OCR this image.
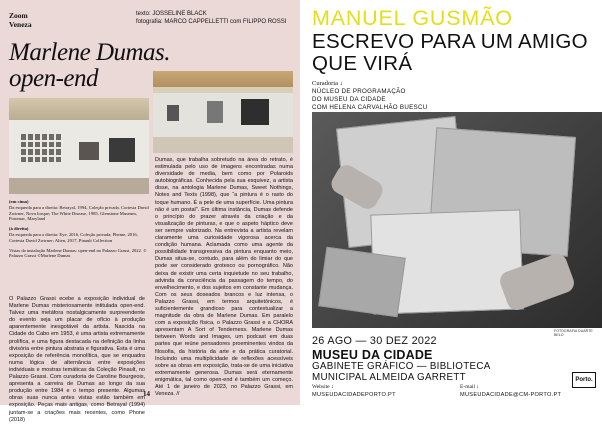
Zoom
Veneza
texto: JOSSELINE BLACK
fotografia: MARCO CAPPELLETTI com FILIPPO ROSSI
Marlene Dumas.
open-end

(em cima)
Da esquerda para a direita: Betrayal, 1994, Coleção privada. Cortesia David Zwirner, Nova Iorque; The White Disease, 1985, Glenstone Museum, Potomac, Maryland

(à direita)
Da esquerda para a direita: Eye, 2016, Coleção privada; Pheme, 2016, Cortesia David Zwirner; Alien, 2017, Pinault Collection

Vistas da instalação Marlene Dumas: open-end no Palazzo Grassi, 2022. © Palazzo Grassi ©Marlene Dumas

O Palazzo Grassi ecebe a exposição individual de Marlene Dumas misteriosamente intitulada open-end. Talvez uma metáfora nostalgicamente surpreendente do evento seja um placar de ofício à produção aparentemente inesgotável da artista. Nascida na Cidade do Cabo em 1953, é uma artista extremamente prolífica, e uma figura destacada na definição da linha divisória entre pintura abstrata e figurativa. Esta é uma exposição de referência monolítica, que se enquadra numa lógica de alternância entre exposições individuais e mostras temáticas da Coleção Pinault, no Palazzo Grassi. Com curadoria de Caroline Bourgeois, apresenta a carreira de Dumas ao longo da sua produção entre 1984 e o tempo presente. Algumas obras suas nunca antes vistas estão também em exposição. Peças mais antigas, como Betrayal (1994) juntam-se a criações mais recentes, como Phone (2018)
Dumas, que trabalha sobretudo na área do retrato, é estimulada pelo uso de imagens encontradas numa diversidade de media, bem como por Polaroids autobiográficas. Conhecida pela sua esquivez, a artista disse, na antologia Marlene Dumas, Sweet Nothings, Notes and Texts (1998), que “a pintura é o rasto do toque humano. É a pele de uma superfície. Uma pintura não é um postal”. Em última instância, Dumas defende o princípio do prazer através da criação e da visualização de pinturas, e que o aspeto háptico deve ser sempre valorizado. Na entrevista a artista revelam claramente uma curiosidade vigorosa acerca da condição humana. Aclamada como uma agente da possibilidade transgressiva da pintura enquanto meio, Dumas situa-se, contudo, para além do limiar do que pode ser considerado grotesco ou pornográfico. Não deixa de existir uma certa inquietude no seu trabalho, advinda da consciência da passagem do tempo, do envelhecimento, e dos sujeitos em constante mudança. Com os seus doseados brancos e luz intensa, o Palazzo Grassi, em termos arquitetónicos, é suficientemente grandioso para contextualizar a magnitude da obra de Marlene Dumas. Em paralelo com a exposição física, o Palazzo Grassi e a CHORA apresentam A Sort of Tenderness. Marlene Dumas between Words and Images, um podcast em duas partes que reúne pensadores proeminentes vindos da filosofia, da história da arte e da prática curatorial. Incluindo uma multiplicidade de reflexões acessíveis sobre as obras em exposição, trata-se de uma iniciativa extremamente generosa. Dumas será eternamente enigmática, tal como open-end é também um começo. Até 1 de janeiro de 2023, no Palazzo Grassi, em Veneza. //
14
MANUEL GUSMÃO
ESCREVO PARA UM AMIGO QUE VIRÁ
Curadoria ↓
NÚCLEO DE PROGRAMAÇÃO
DO MUSEU DA CIDADE
COM HELENA CARVALHÃO BUESCU
FOTOGRAFIA DUARTE BELO
26 AGO — 30 DEZ 2022
MUSEU DA CIDADE
GABINETE GRÁFICO — BIBLIOTECA MUNICIPAL ALMEIDA GARRETT
Website ↓
MUSEUDACIDADEPORTO.PT
E-mail ↓
MUSEUDACIDADE@CM-PORTO.PT
Porto.
